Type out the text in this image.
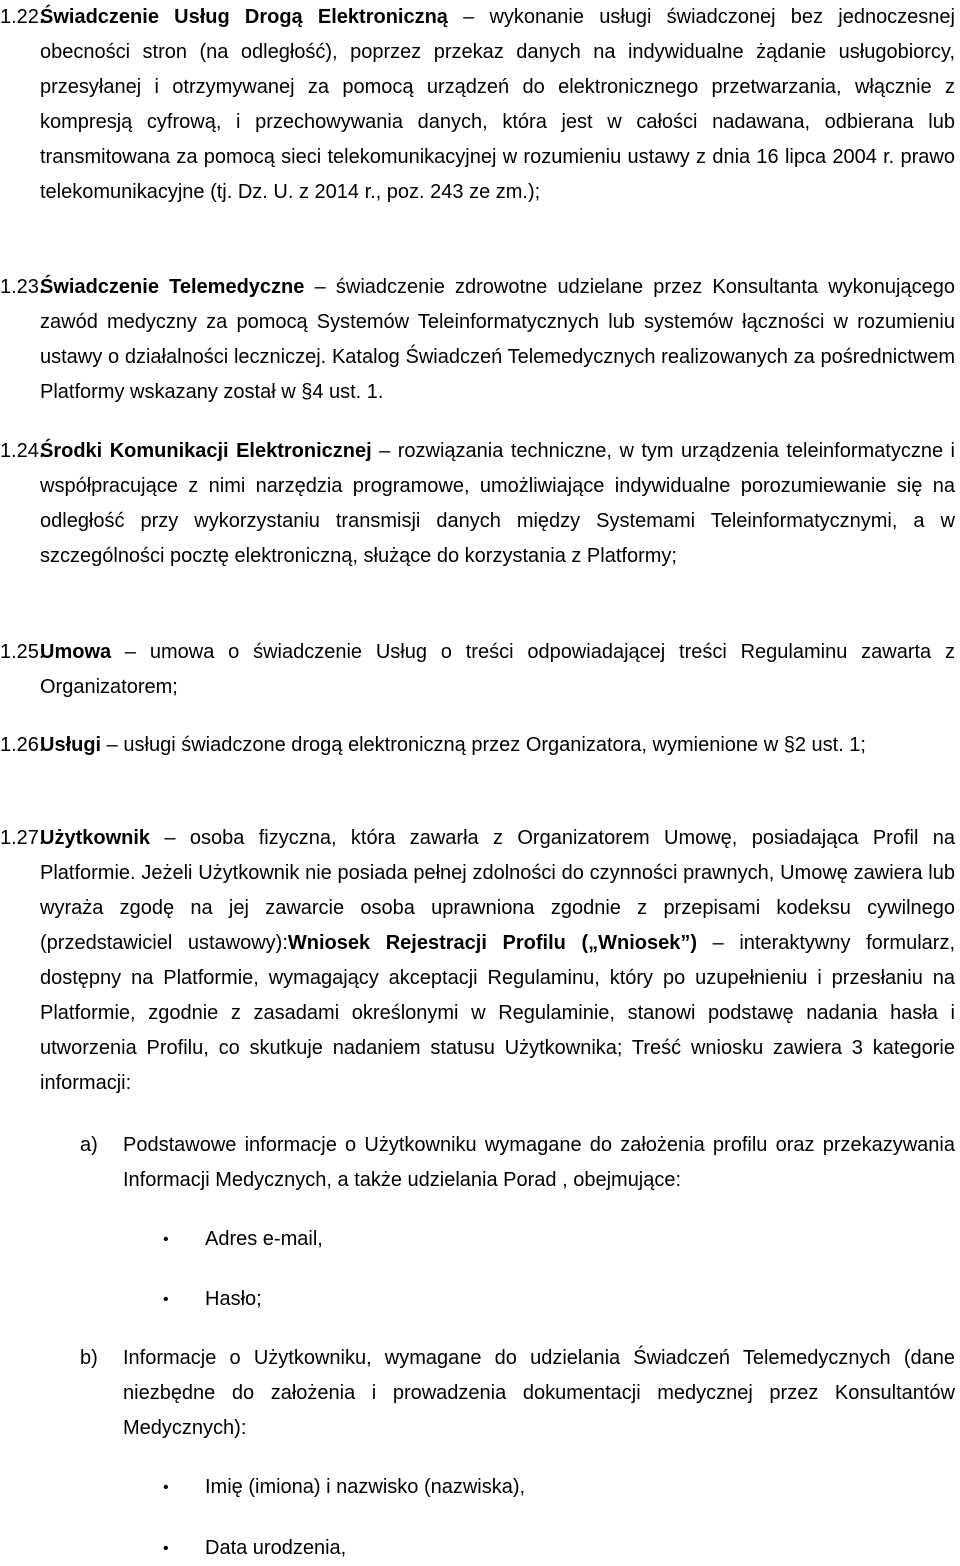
1.22.
Świadczenie Usług Drogą Elektroniczną – wykonanie usługi świadczonej bez jednoczesnej obecności stron (na odległość), poprzez przekaz danych na indywidualne żądanie usługobiorcy, przesyłanej i otrzymywanej za pomocą urządzeń do elektronicznego przetwarzania, włącznie z kompresją cyfrową, i przechowywania danych, która jest w całości nadawana, odbierana lub transmitowana za pomocą sieci telekomunikacyjnej w rozumieniu ustawy z dnia 16 lipca 2004 r. prawo telekomunikacyjne (tj. Dz. U. z 2014 r., poz. 243 ze zm.);
1.23.
Świadczenie Telemedyczne – świadczenie zdrowotne udzielane przez Konsultanta wykonującego zawód medyczny za pomocą Systemów Teleinformatycznych lub systemów łączności w rozumieniu ustawy o działalności leczniczej. Katalog Świadczeń Telemedycznych realizowanych za pośrednictwem Platformy wskazany został w §4 ust. 1.
1.24.
Środki Komunikacji Elektronicznej – rozwiązania techniczne, w tym urządzenia teleinformatyczne i współpracujące z nimi narzędzia programowe, umożliwiające indywidualne porozumiewanie się na odległość przy wykorzystaniu transmisji danych między Systemami Teleinformatycznymi, a w szczególności pocztę elektroniczną, służące do korzystania z Platformy;
1.25.
Umowa – umowa o świadczenie Usług o treści odpowiadającej treści Regulaminu zawarta z Organizatorem;
1.26.
Usługi – usługi świadczone drogą elektroniczną przez Organizatora, wymienione w §2 ust. 1;
1.27.
Użytkownik – osoba fizyczna, która zawarła z Organizatorem Umowę, posiadająca Profil na Platformie. Jeżeli Użytkownik nie posiada pełnej zdolności do czynności prawnych, Umowę zawiera lub wyraża zgodę na jej zawarcie osoba uprawniona zgodnie z przepisami kodeksu cywilnego (przedstawiciel ustawowy):Wniosek Rejestracji Profilu („Wniosek”) – interaktywny formularz, dostępny na Platformie, wymagający akceptacji Regulaminu, który po uzupełnieniu i przesłaniu na Platformie, zgodnie z zasadami określonymi w Regulaminie, stanowi podstawę nadania hasła i utworzenia Profilu, co skutkuje nadaniem statusu Użytkownika; Treść wniosku zawiera 3 kategorie informacji:
a) Podstawowe informacje o Użytkowniku wymagane do założenia profilu oraz przekazywania Informacji Medycznych, a także udzielania Porad , obejmujące:
• Adres e-mail,
• Hasło;
b) Informacje o Użytkowniku, wymagane do udzielania Świadczeń Telemedycznych (dane niezbędne do założenia i prowadzenia dokumentacji medycznej przez Konsultantów Medycznych):
• Imię (imiona) i nazwisko (nazwiska),
• Data urodzenia,
